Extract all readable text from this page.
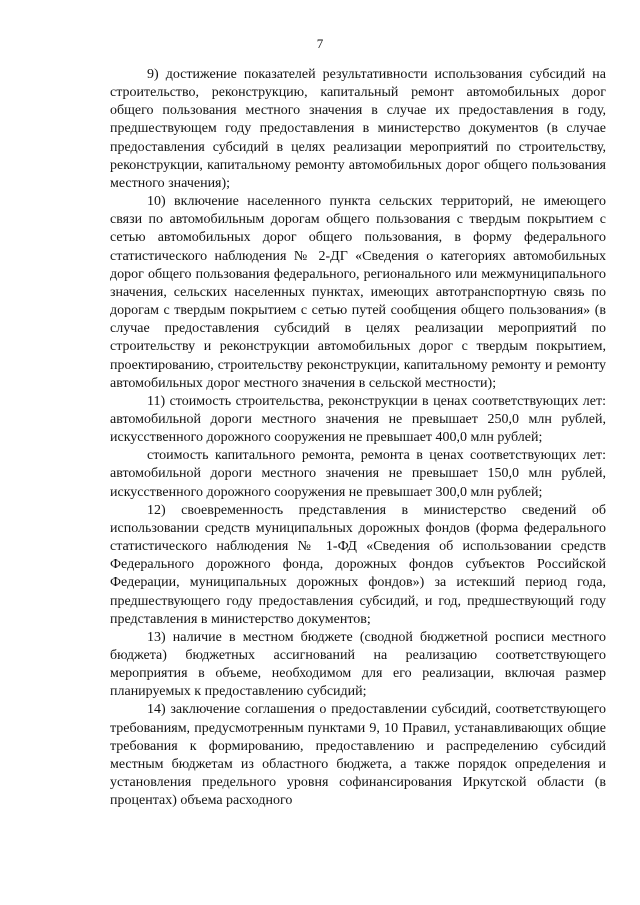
7

9) достижение показателей результативности использования субсидий на строительство, реконструкцию, капитальный ремонт автомобильных дорог общего пользования местного значения в случае их предоставления в году, предшествующем году предоставления в министерство документов (в случае предоставления субсидий в целях реализации мероприятий по строительству, реконструкции, капитальному ремонту автомобильных дорог общего пользования местного значения);

10) включение населенного пункта сельских территорий, не имеющего связи по автомобильным дорогам общего пользования с твердым покрытием с сетью автомобильных дорог общего пользования, в форму федерального статистического наблюдения № 2-ДГ «Сведения о категориях автомобильных дорог общего пользования федерального, регионального или межмуниципального значения, сельских населенных пунктах, имеющих автотранспортную связь по дорогам с твердым покрытием с сетью путей сообщения общего пользования» (в случае предоставления субсидий в целях реализации мероприятий по строительству и реконструкции автомобильных дорог с твердым покрытием, проектированию, строительству реконструкции, капитальному ремонту и ремонту автомобильных дорог местного значения в сельской местности);

11) стоимость строительства, реконструкции в ценах соответствующих лет: автомобильной дороги местного значения не превышает 250,0 млн рублей, искусственного дорожного сооружения не превышает 400,0 млн рублей;

стоимость капитального ремонта, ремонта в ценах соответствующих лет: автомобильной дороги местного значения не превышает 150,0 млн рублей, искусственного дорожного сооружения не превышает 300,0 млн рублей;

12) своевременность представления в министерство сведений об использовании средств муниципальных дорожных фондов (форма федерального статистического наблюдения № 1-ФД «Сведения об использовании средств Федерального дорожного фонда, дорожных фондов субъектов Российской Федерации, муниципальных дорожных фондов») за истекший период года, предшествующего году предоставления субсидий, и год, предшествующий году представления в министерство документов;

13) наличие в местном бюджете (сводной бюджетной росписи местного бюджета) бюджетных ассигнований на реализацию соответствующего мероприятия в объеме, необходимом для его реализации, включая размер планируемых к предоставлению субсидий;

14) заключение соглашения о предоставлении субсидий, соответствующего требованиям, предусмотренным пунктами 9, 10 Правил, устанавливающих общие требования к формированию, предоставлению и распределению субсидий местным бюджетам из областного бюджета, а также порядок определения и установления предельного уровня софинансирования Иркутской области (в процентах) объема расходного
